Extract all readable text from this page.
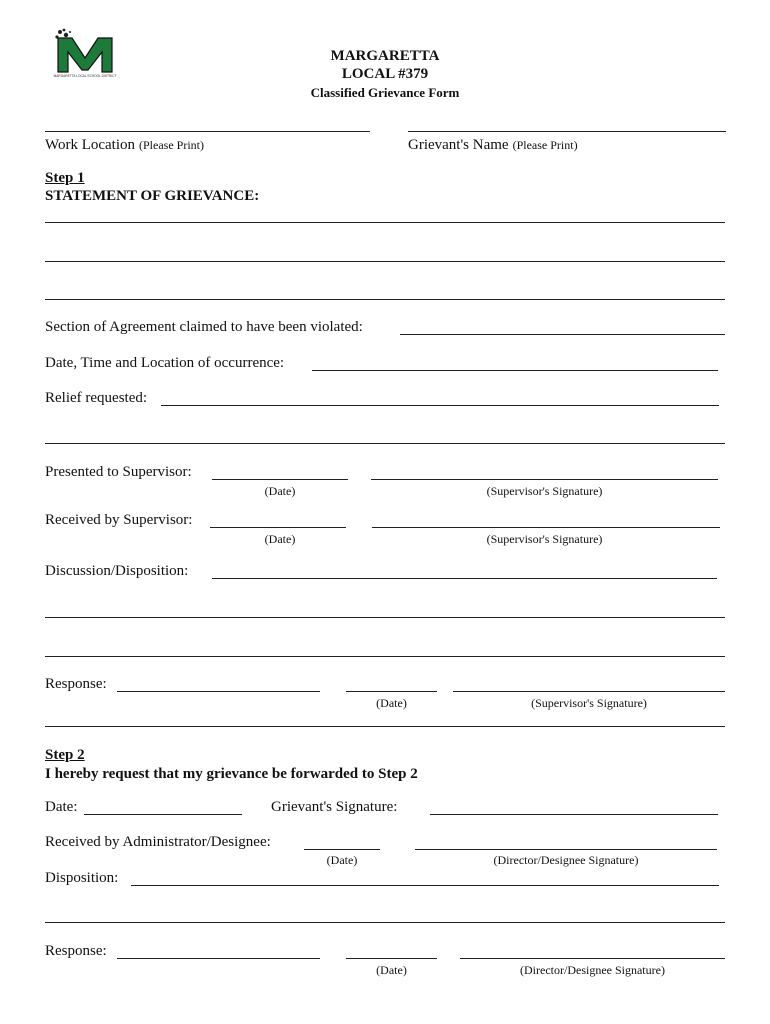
MARGARETTA LOCAL SCHOOL DISTRICT
MARGARETTA
LOCAL #379
Classified Grievance Form
Work Location (Please Print)	Grievant's Name (Please Print)
Step 1
STATEMENT OF GRIEVANCE:
Section of Agreement claimed to have been violated:
Date, Time and Location of occurrence:
Relief requested:
Presented to Supervisor:
(Date)	(Supervisor's Signature)
Received by Supervisor:
(Date)	(Supervisor's Signature)
Discussion/Disposition:
Response:
(Date)	(Supervisor's Signature)
Step 2
I hereby request that my grievance be forwarded to Step 2
Date:	Grievant's Signature:
Received by Administrator/Designee:
(Date)	(Director/Designee Signature)
Disposition:
Response:
(Date)	(Director/Designee Signature)
